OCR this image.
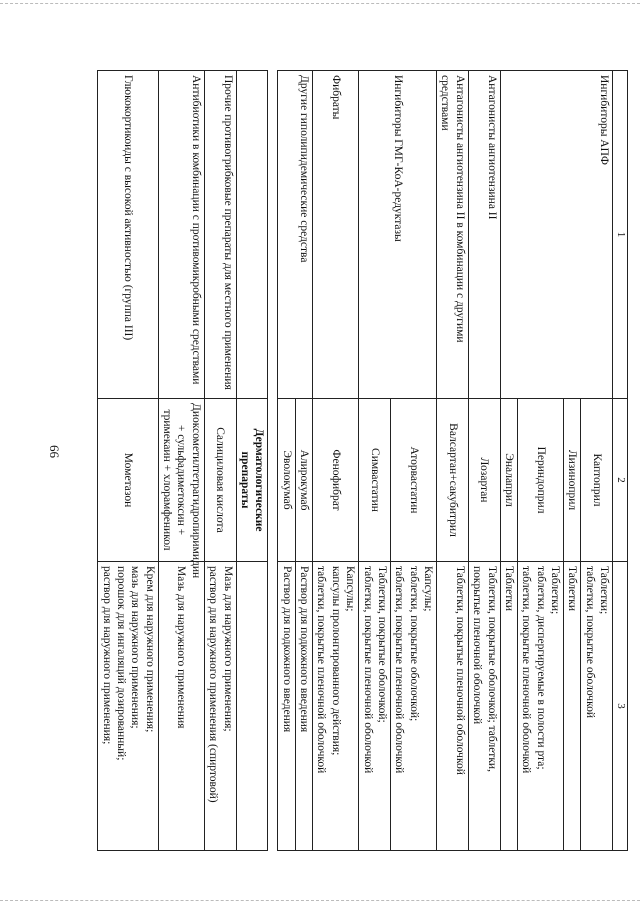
66
1	2	3
Ингибиторы АПФ	Каптоприл	Таблетки;
таблетки, покрытые оболочкой

	Лизиноприл	Таблетки

	Периндоприл	Таблетки;
таблетки, диспергируемые в полости рта;
таблетки, покрытые пленочной оболочкой

	Эналаприл	Таблетки

Антагонисты ангиотензина II	Лозартан	Таблетки, покрытые оболочкой; таблетки,
покрытые пленочной оболочкой

Антагонисты ангиотензина II в комбинации с другими средствами	Валсартан+сакубитрил	Таблетки, покрытые пленочной оболочкой

Ингибиторы ГМГ-КоА-редуктазы	Аторвастатин	Капсулы;
таблетки, покрытые оболочкой;
таблетки, покрытые пленочной оболочкой

	Симвастатин	Таблетки, покрытые оболочкой;
таблетки, покрытые пленочной оболочкой

Фибраты	Фенофибрат	Капсулы;
капсулы пролонгированного действия;
таблетки, покрытые пленочной оболочкой

Другие гиполипидемические средства	Алирокумаб	Раствор для подкожного введения

	Эволокумаб	Раствор для подкожного введения

	Дерматологические препараты	
Прочие противогрибковые препараты для местного применения	Салициловая кислота	Мазь для наружного применения;
раствор для наружного применения (спиртовой)

Антибиотики в комбинации с противомикробными средствами	Диоксометилтетрагидропиримидин + сульфадиметоксин + тримекаин + хлорамфеникол	Мазь для наружного применения

Глюкокортикоиды с высокой активностью (группа III)	Мометазон	Крем для наружного применения;
мазь для наружного применения;
порошок для ингаляций дозированный;
раствор для наружного применения;
